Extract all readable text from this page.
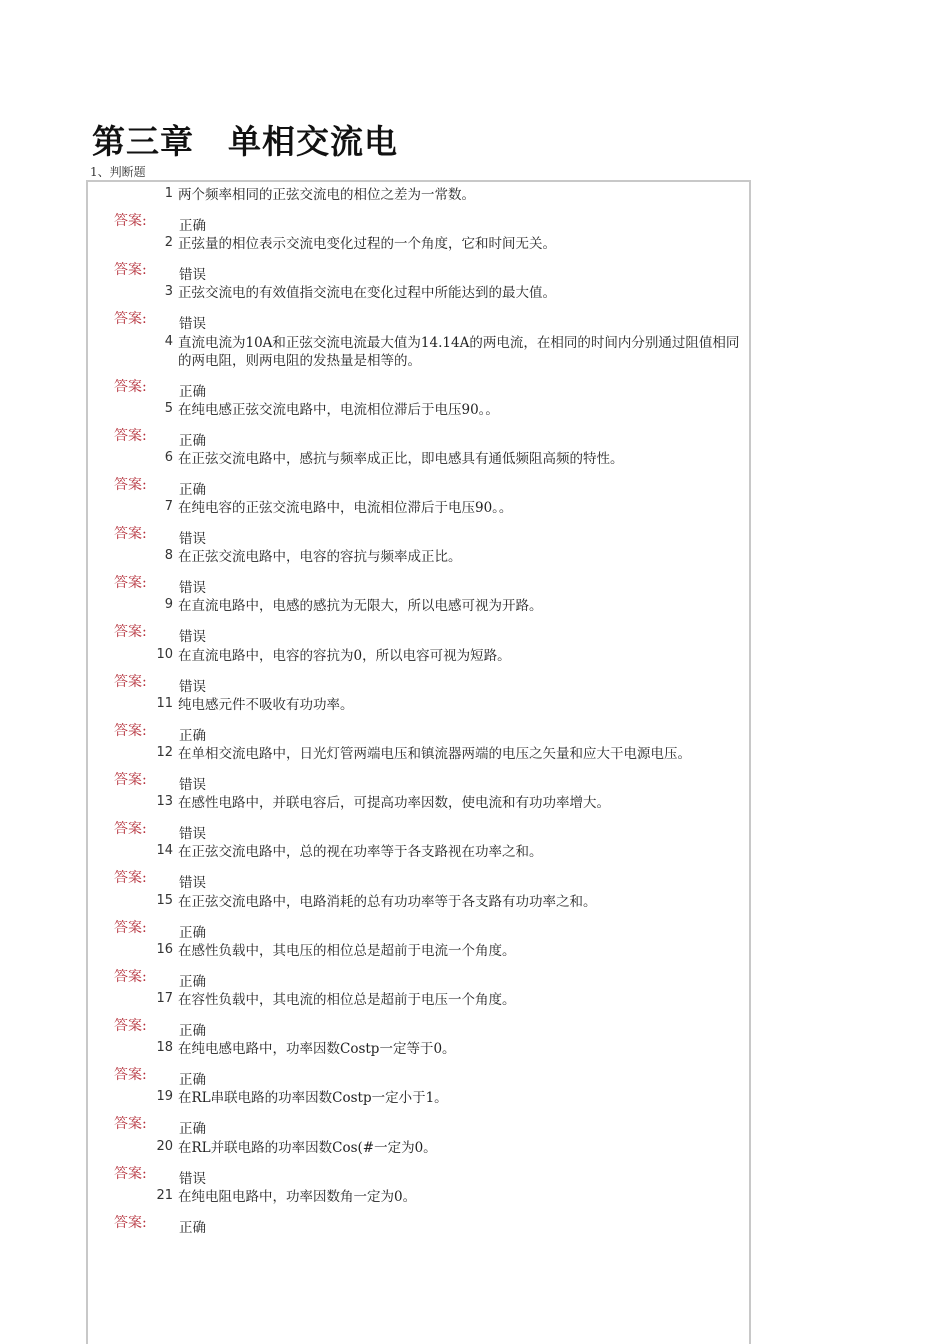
第三章　单相交流电
1、判断题
1 两个频率相同的正弦交流电的相位之差为一常数。
答案: 正确
2 正弦量的相位表示交流电变化过程的一个角度，它和时间无关。
答案: 错误
3 正弦交流电的有效值指交流电在变化过程中所能达到的最大值。
答案: 错误
4 直流电流为10A和正弦交流电流最大值为14.14A的两电流，在相同的时间内分别通过阻值相同的两电阻，则两电阻的发热量是相等的。
答案: 正确
5 在纯电感正弦交流电路中，电流相位滞后于电压90。。
答案: 正确
6 在正弦交流电路中，感抗与频率成正比，即电感具有通低频阻高频的特性。
答案: 正确
7 在纯电容的正弦交流电路中，电流相位滞后于电压90。。
答案: 错误
8 在正弦交流电路中，电容的容抗与频率成正比。
答案: 错误
9 在直流电路中，电感的感抗为无限大，所以电感可视为开路。
答案: 错误
10 在直流电路中，电容的容抗为0，所以电容可视为短路。
答案: 错误
11 纯电感元件不吸收有功功率。
答案: 正确
12 在单相交流电路中，日光灯管两端电压和镇流器两端的电压之矢量和应大干电源电压。
答案: 错误
13 在感性电路中，并联电容后，可提高功率因数，使电流和有功功率增大。
答案: 错误
14 在正弦交流电路中，总的视在功率等于各支路视在功率之和。
答案: 错误
15 在正弦交流电路中，电路消耗的总有功功率等于各支路有功功率之和。
答案: 正确
16 在感性负载中，其电压的相位总是超前于电流一个角度。
答案: 正确
17 在容性负载中，其电流的相位总是超前于电压一个角度。
答案: 正确
18 在纯电感电路中，功率因数Costp一定等于0。
答案: 正确
19 在RL串联电路的功率因数Costp一定小于1。
答案: 正确
20 在RL并联电路的功率因数Cos(#一定为0。
答案: 错误
21 在纯电阻电路中，功率因数角一定为0。
答案: 正确
